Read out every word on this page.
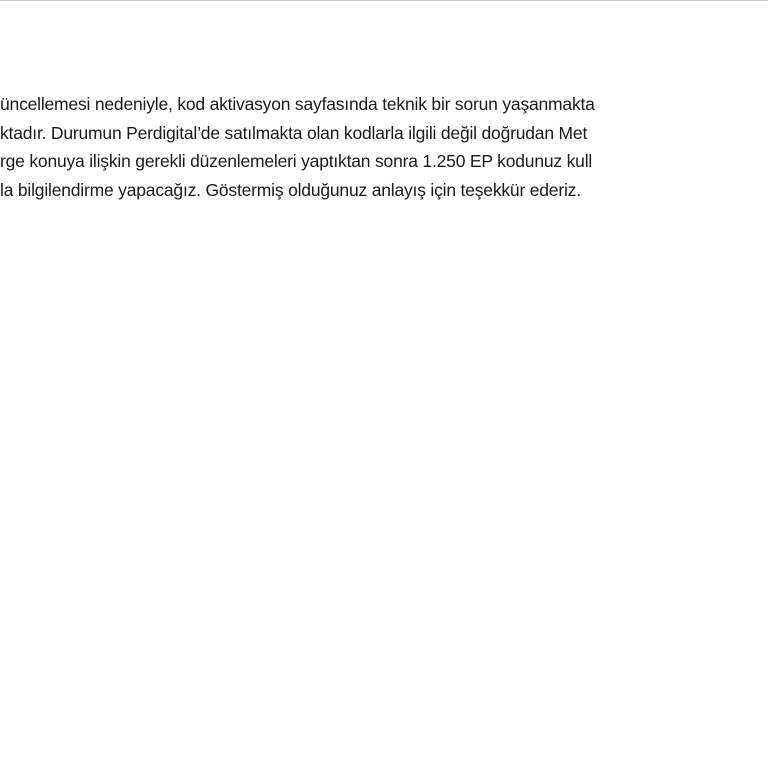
üncellemesi nedeniyle, kod aktivasyon sayfasında teknik bir sorun yaşanmakta
ktadır. Durumun Perdigital’de satılmakta olan kodlarla ilgili değil doğrudan Met
rge konuya ilişkin gerekli düzenlemeleri yaptıktan sonra 1.250 EP kodunuz kull
la bilgilendirme yapacağız. Göstermiş olduğunuz anlayış için teşekkür ederiz.
